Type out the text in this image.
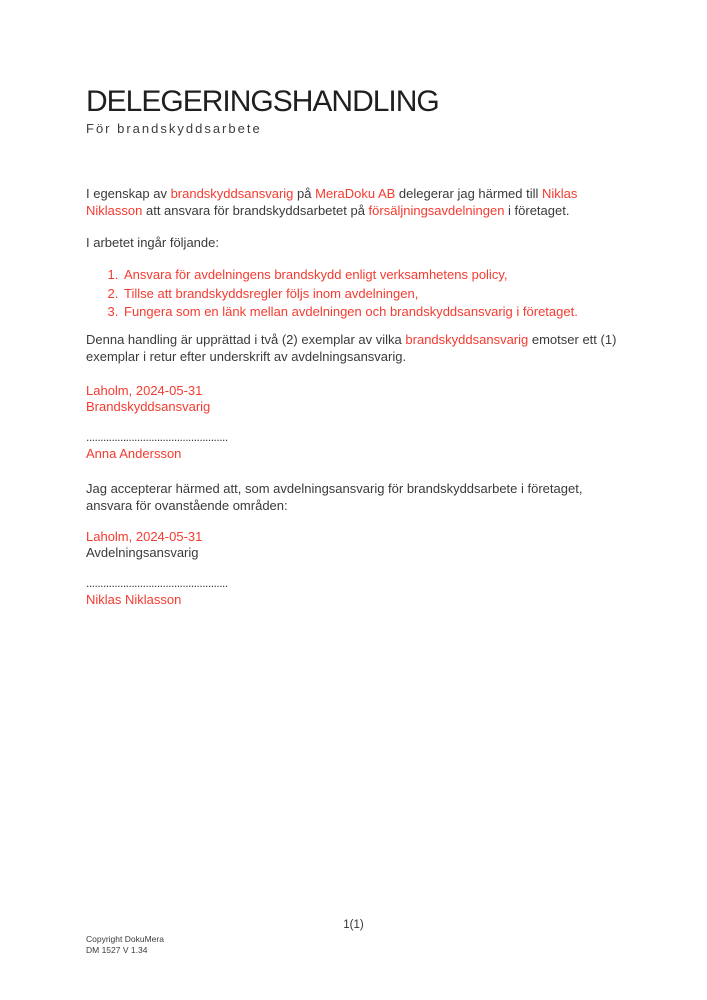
DELEGERINGSHANDLING
För brandskyddsarbete

I egenskap av brandskyddsansvarig på MeraDoku AB delegerar jag härmed till Niklas Niklasson att ansvara för brandskyddsarbetet på försäljningsavdelningen i företaget.

I arbetet ingår följande:

1. Ansvara för avdelningens brandskydd enligt verksamhetens policy,
2. Tillse att brandskyddsregler följs inom avdelningen,
3. Fungera som en länk mellan avdelningen och brandskyddsansvarig i företaget.

Denna handling är upprättad i två (2) exemplar av vilka brandskyddsansvarig emotser ett (1) exemplar i retur efter underskrift av avdelningsansvarig.

Laholm, 2024-05-31
Brandskyddsansvarig
..................................................
Anna Andersson

Jag accepterar härmed att, som avdelningsansvarig för brandskyddsarbete i företaget, ansvara för ovanstående områden:

Laholm, 2024-05-31
Avdelningsansvarig
..................................................
Niklas Niklasson
1(1)
Copyright DokuMera
DM 1527 V 1.34
